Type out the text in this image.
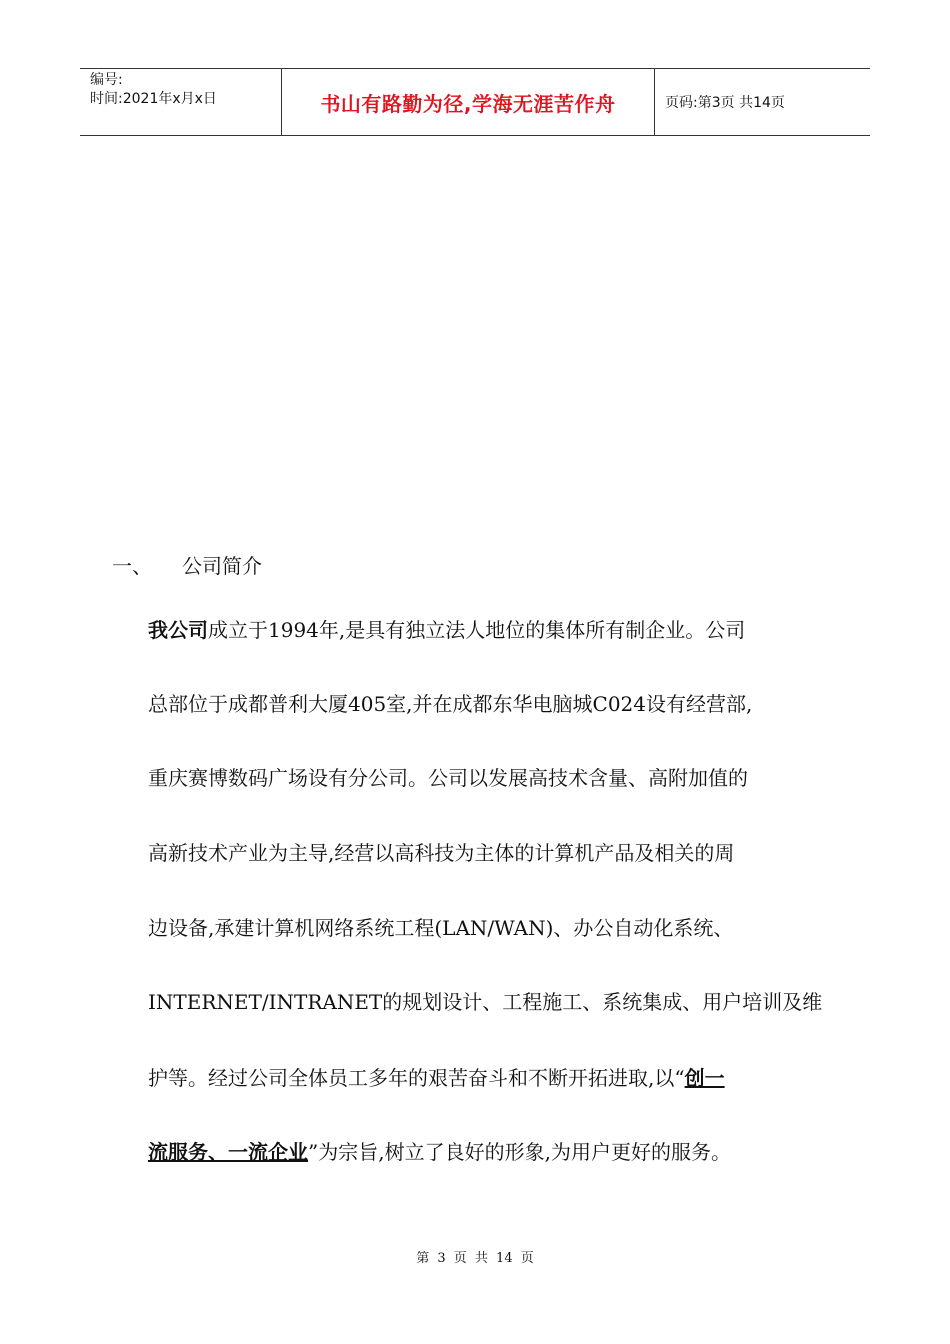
编号:
时间:2021年x月x日	书山有路勤为径,学海无涯苦作舟	页码:第3页 共14页
一、 公司简介
我公司成立于1994年,是具有独立法人地位的集体所有制企业。公司
总部位于成都普利大厦405室,并在成都东华电脑城C024设有经营部,
重庆赛博数码广场设有分公司。公司以发展高技术含量、高附加值的
高新技术产业为主导,经营以高科技为主体的计算机产品及相关的周
边设备,承建计算机网络系统工程(LAN/WAN)、办公自动化系统、
INTERNET/INTRANET的规划设计、工程施工、系统集成、用户培训及维
护等。经过公司全体员工多年的艰苦奋斗和不断开拓进取,以“创一
流服务、一流企业”为宗旨,树立了良好的形象,为用户更好的服务。
第 3 页 共 14 页
